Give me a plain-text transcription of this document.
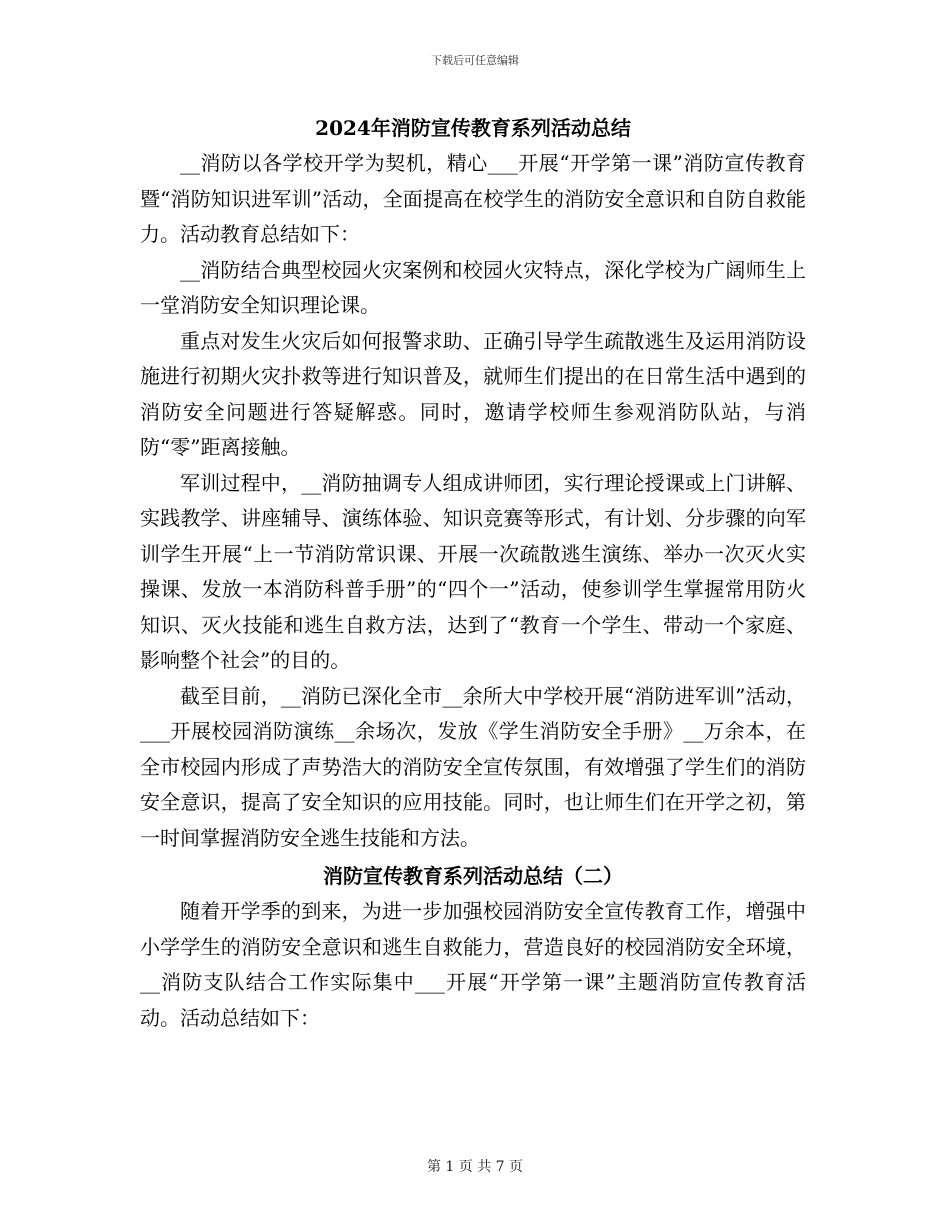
下载后可任意编辑
2024年消防宣传教育系列活动总结

__消防以各学校开学为契机，精心___开展“开学第一课”消防宣传教育暨“消防知识进军训”活动，全面提高在校学生的消防安全意识和自防自救能力。活动教育总结如下：

__消防结合典型校园火灾案例和校园火灾特点，深化学校为广阔师生上一堂消防安全知识理论课。

重点对发生火灾后如何报警求助、正确引导学生疏散逃生及运用消防设施进行初期火灾扑救等进行知识普及，就师生们提出的在日常生活中遇到的消防安全问题进行答疑解惑。同时，邀请学校师生参观消防队站，与消防“零”距离接触。

军训过程中，__消防抽调专人组成讲师团，实行理论授课或上门讲解、实践教学、讲座辅导、演练体验、知识竞赛等形式，有计划、分步骤的向军训学生开展“上一节消防常识课、开展一次疏散逃生演练、举办一次灭火实操课、发放一本消防科普手册”的“四个一”活动，使参训学生掌握常用防火知识、灭火技能和逃生自救方法，达到了“教育一个学生、带动一个家庭、影响整个社会”的目的。

截至目前，__消防已深化全市__余所大中学校开展“消防进军训”活动，___开展校园消防演练__余场次，发放《学生消防安全手册》__万余本，在全市校园内形成了声势浩大的消防安全宣传氛围，有效增强了学生们的消防安全意识，提高了安全知识的应用技能。同时，也让师生们在开学之初，第一时间掌握消防安全逃生技能和方法。

消防宣传教育系列活动总结（二）

随着开学季的到来，为进一步加强校园消防安全宣传教育工作，增强中小学学生的消防安全意识和逃生自救能力，营造良好的校园消防安全环境，__消防支队结合工作实际集中___开展“开学第一课”主题消防宣传教育活动。活动总结如下：

第 1 页 共 7 页
